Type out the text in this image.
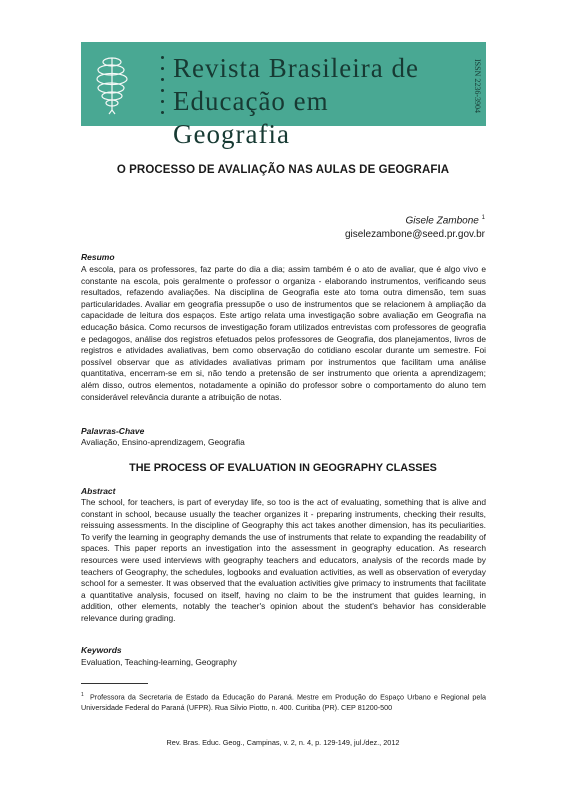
Revista Brasileira de
Educação em Geografia
ISSN 2236-3904
O PROCESSO DE AVALIAÇÃO NAS AULAS DE GEOGRAFIA
Gisele Zambone $^1$
giselezambone@seed.pr.gov.br
Resumo
A escola, para os professores, faz parte do dia a dia; assim também é o ato de avaliar, que é algo vivo e constante na escola, pois geralmente o professor o organiza - elaborando instrumentos, verificando seus resultados, refazendo avaliações. Na disciplina de Geografia este ato toma outra dimensão, tem suas particularidades. Avaliar em geografia pressupõe o uso de instrumentos que se relacionem à ampliação da capacidade de leitura dos espaços. Este artigo relata uma investigação sobre avaliação em Geografia na educação básica. Como recursos de investigação foram utilizados entrevistas com professores de geografia e pedagogos, análise dos registros efetuados pelos professores de Geografia, dos planejamentos, livros de registros e atividades avaliativas, bem como observação do cotidiano escolar durante um semestre. Foi possível observar que as atividades avaliativas primam por instrumentos que facilitam uma análise quantitativa, encerram-se em si, não tendo a pretensão de ser instrumento que orienta a aprendizagem; além disso, outros elementos, notadamente a opinião do professor sobre o comportamento do aluno tem considerável relevância durante a atribuição de notas.
Palavras-Chave
Avaliação, Ensino-aprendizagem, Geografia
THE PROCESS OF EVALUATION IN GEOGRAPHY CLASSES
Abstract
The school, for teachers, is part of everyday life, so too is the act of evaluating, something that is alive and constant in school, because usually the teacher organizes it - preparing instruments, checking their results, reissuing assessments. In the discipline of Geography this act takes another dimension, has its peculiarities. To verify the learning in geography demands the use of instruments that relate to expanding the readability of spaces. This paper reports an investigation into the assessment in geography education. As research resources were used interviews with geography teachers and educators, analysis of the records made by teachers of Geography, the schedules, logbooks and evaluation activities, as well as observation of everyday school for a semester. It was observed that the evaluation activities give primacy to instruments that facilitate a quantitative analysis, focused on itself, having no claim to be the instrument that guides learning, in addition, other elements, notably the teacher's opinion about the student's behavior has considerable relevance during grading.
Keywords
Evaluation, Teaching-learning, Geography
$^1$ Professora da Secretaria de Estado da Educação do Paraná. Mestre em Produção do Espaço Urbano e Regional pela Universidade Federal do Paraná (UFPR). Rua Silvio Piotto, n. 400. Curitiba (PR). CEP 81200-500
Rev. Bras. Educ. Geog., Campinas, v. 2, n. 4, p. 129-149, jul./dez., 2012
